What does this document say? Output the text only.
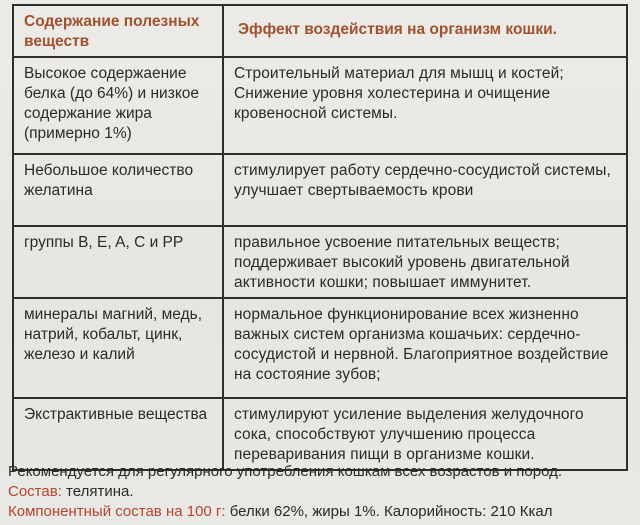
Содержание полезных веществ	Эффект воздействия на организм кошки.
Высокое содержаение белка (до 64%) и низкое содержание жира (примерно 1%)	Строительный материал для мышц и костей; Снижение уровня холестерина и очищение кровеносной системы.
Небольшое количество желатина	стимулирует работу сердечно-сосудистой системы, улучшает свертываемость крови
группы B, E, A, C и PP	правильное усвоение питательных веществ; поддерживает высокий уровень двигательной активности кошки; повышает иммунитет.
минералы магний, медь, натрий, кобальт, цинк, железо и калий	нормальное функционирование всех жизненно важных систем организма кошачьих: сердечно-сосудистой и нервной. Благоприятное воздействие на состояние зубов;
Экстрактивные вещества	стимулируют усиление выделения желудочного сока, способствуют улучшению процесса переваривания пищи в организме кошки.
Рекомендуется для регулярного употребления кошкам всех возрастов и пород.
Состав: телятина.
Компонентный состав на 100 г: белки 62%, жиры 1%. Калорийность: 210 Ккал
